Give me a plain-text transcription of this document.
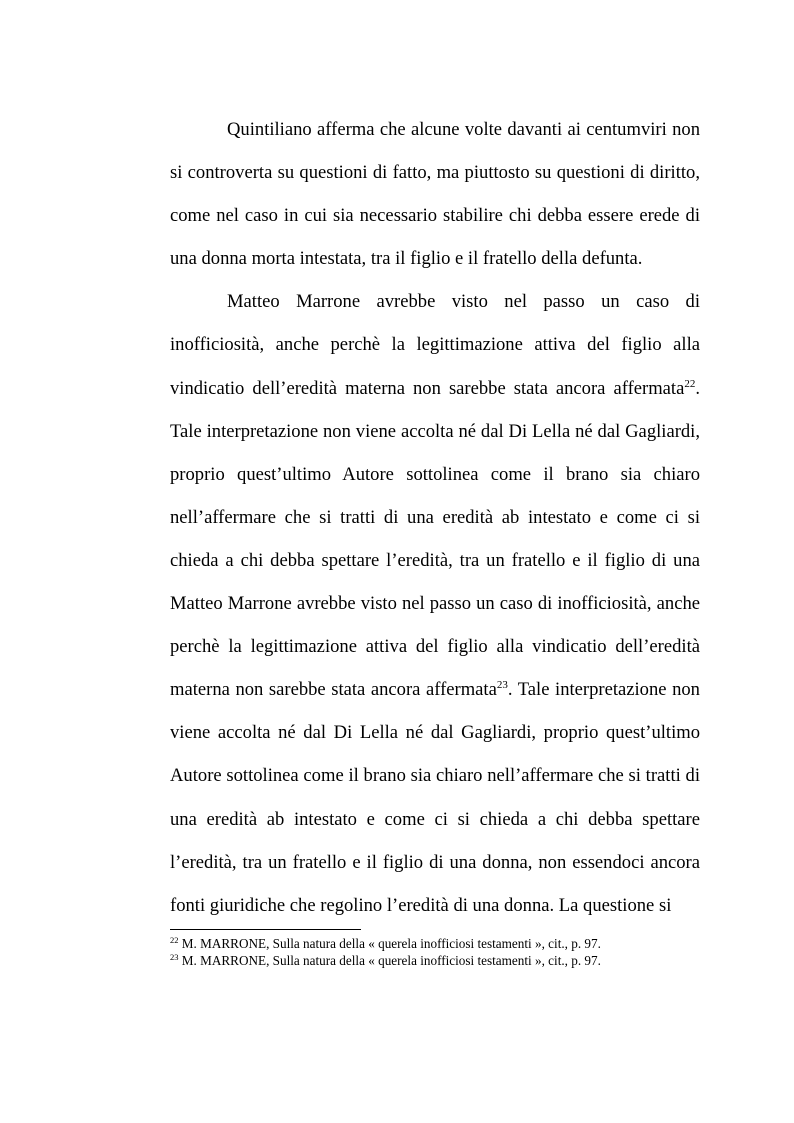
Quintiliano afferma che alcune volte davanti ai centumviri non si controverta su questioni di fatto, ma piuttosto su questioni di diritto, come nel caso in cui sia necessario stabilire chi debba essere erede di una donna morta intestata, tra il figlio e il fratello della defunta.

Matteo Marrone avrebbe visto nel passo un caso di inofficiosità, anche perchè la legittimazione attiva del figlio alla vindicatio dell’eredità materna non sarebbe stata ancora affermata$^{22}$. Tale interpretazione non viene accolta né dal Di Lella né dal Gagliardi, proprio quest’ultimo Autore sottolinea come il brano sia chiaro nell’affermare che si tratti di una eredità ab intestato e come ci si chieda a chi debba spettare l’eredità, tra un fratello e il figlio di una Matteo Marrone avrebbe visto nel passo un caso di inofficiosità, anche perchè la legittimazione attiva del figlio alla vindicatio dell’eredità materna non sarebbe stata ancora affermata$^{23}$. Tale interpretazione non viene accolta né dal Di Lella né dal Gagliardi, proprio quest’ultimo Autore sottolinea come il brano sia chiaro nell’affermare che si tratti di una eredità ab intestato e come ci si chieda a chi debba spettare l’eredità, tra un fratello e il figlio di una donna, non essendoci ancora fonti giuridiche che regolino l’eredità di una donna. La questione si

$^{22}$ M. MARRONE, Sulla natura della « querela inofficiosi testamenti », cit., p. 97.

$^{23}$ M. MARRONE, Sulla natura della « querela inofficiosi testamenti », cit., p. 97.
